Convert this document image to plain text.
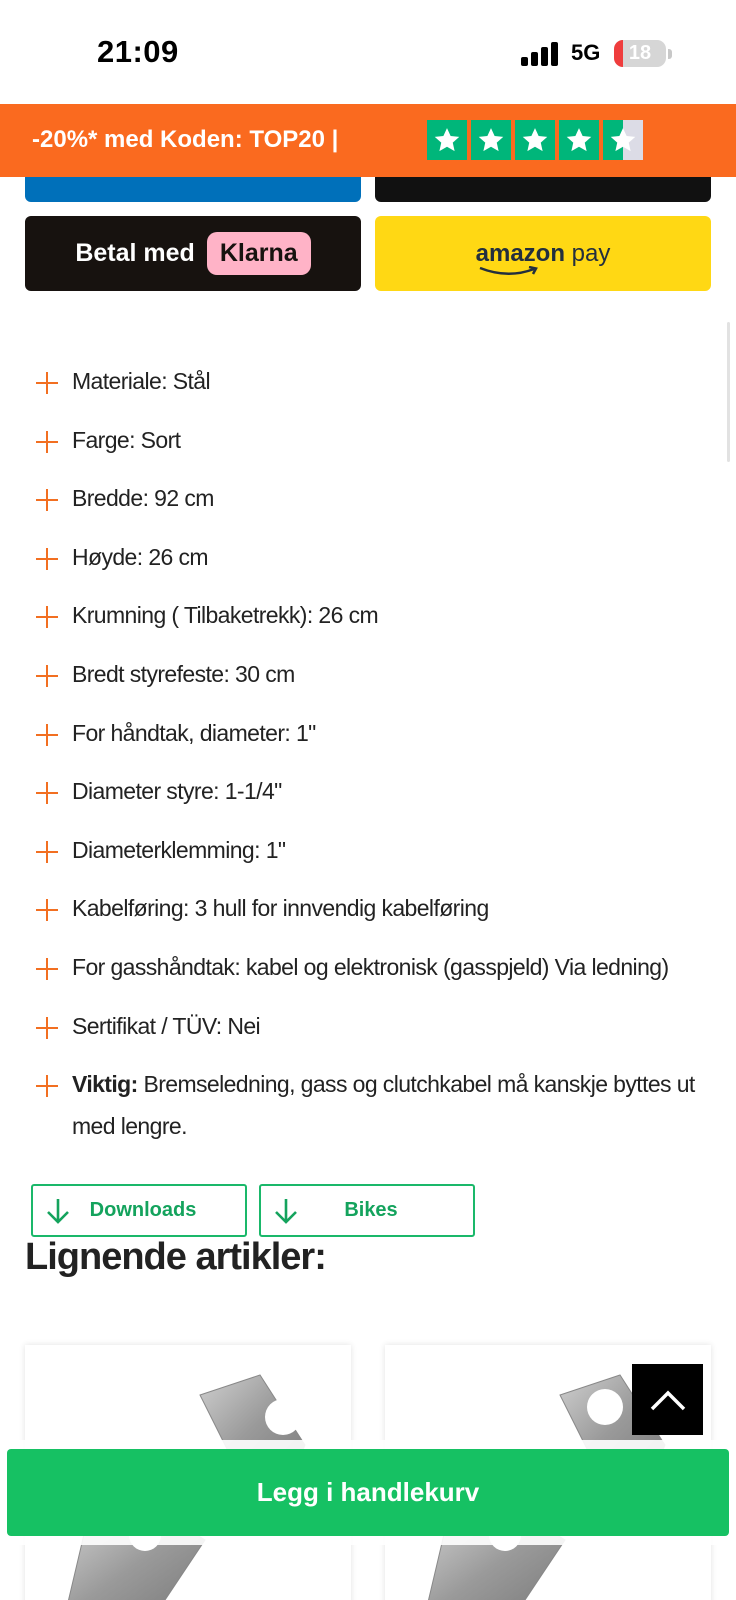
21:09	5G	18
-20%* med Koden: TOP20 |
Betal med	Klarna	amazon pay
Materiale: Stål
Farge: Sort
Bredde: 92 cm
Høyde: 26 cm
Krumning ( Tilbaketrekk): 26 cm
Bredt styrefeste: 30 cm
For håndtak, diameter: 1"
Diameter styre: 1-1/4"
Diameterklemming: 1"
Kabelføring: 3 hull for innvendig kabelføring
For gasshåndtak: kabel og elektronisk (gasspjeld) Via ledning)
Sertifikat / TÜV: Nei
Viktig: Bremseledning, gass og clutchkabel må kanskje byttes ut med lengre.
Downloads	Bikes
Lignende artikler:
Legg i handlekurv
